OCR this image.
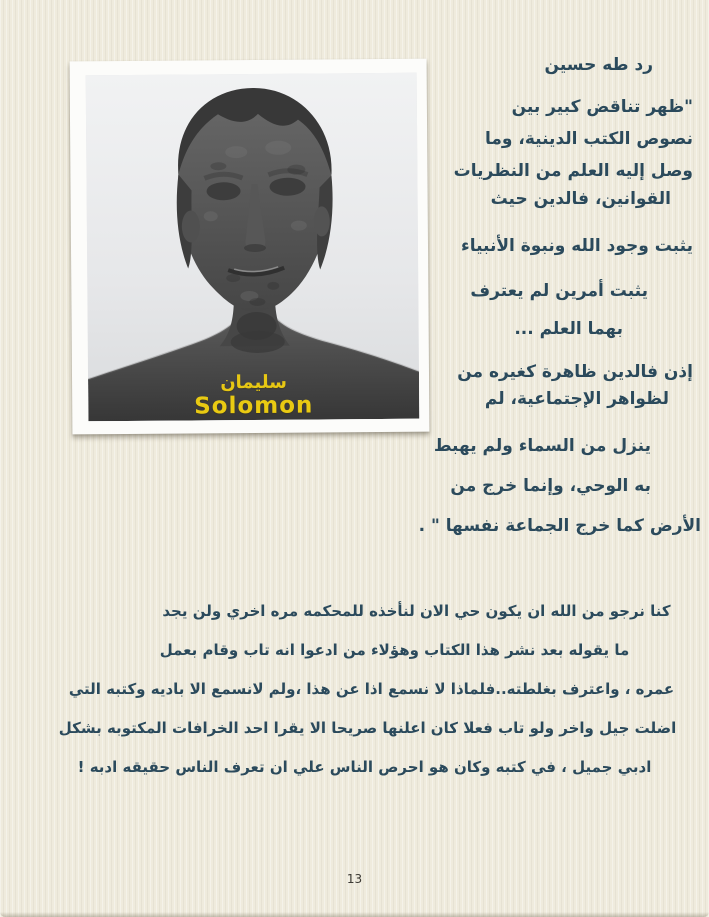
سليمان
Solomon
رد طه حسين
"ظهر تناقض كبير بين
نصوص الكتب الدينية، وما
وصل إليه العلم من النظريات
القوانين، فالدين حيث
يثبت وجود الله ونبوة الأنبياء
يثبت أمرين لم يعترف
بهما العلم ...
إذن فالدين ظاهرة كغيره من
لظواهر الإجتماعية، لم
ينزل من السماء ولم يهبط
به الوحي، وإنما خرج من
الأرض كما خرج الجماعة نفسها " .
كنا نرجو من الله ان يكون حي الان لنأخذه للمحكمه مره اخري ولن يجد
ما يقوله بعد نشر هذا الكتاب وهؤلاء من ادعوا انه تاب وقام بعمل
عمره ، واعترف بغلطته..فلماذا لا نسمع اذا عن هذا ،ولم لانسمع الا باديه وكتبه التي
اضلت جيل واخر ولو تاب فعلا كان اعلنها صريحا الا يقرا احد الخرافات المكتوبه بشكل
ادبي جميل ، في كتبه وكان هو احرص الناس علي ان تعرف الناس حقيقه ادبه !
13
